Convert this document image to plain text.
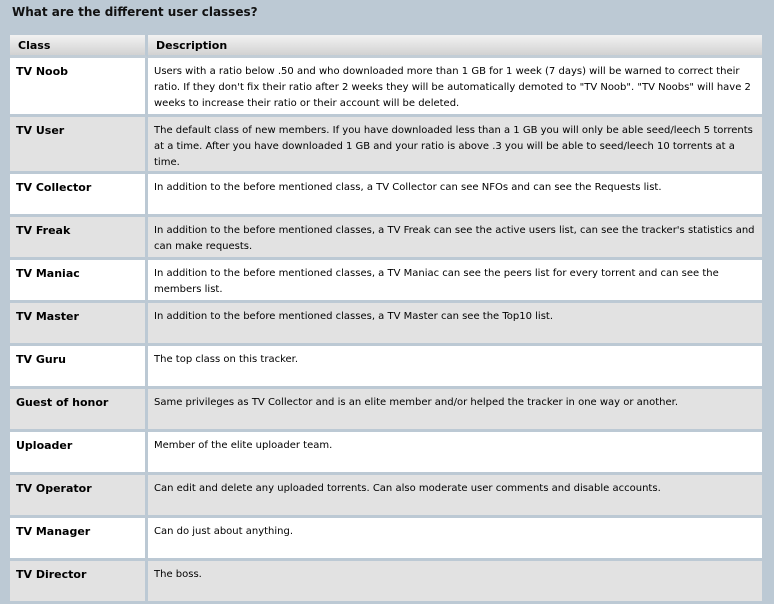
What are the different user classes?
Class	Description
TV Noob	Users with a ratio below .50 and who downloaded more than 1 GB for 1 week (7 days) will be warned to correct their ratio. If they don't fix their ratio after 2 weeks they will be automatically demoted to "TV Noob". "TV Noobs" will have 2 weeks to increase their ratio or their account will be deleted.
TV User	The default class of new members. If you have downloaded less than a 1 GB you will only be able seed/leech 5 torrents at a time. After you have downloaded 1 GB and your ratio is above .3 you will be able to seed/leech 10 torrents at a time.
TV Collector	In addition to the before mentioned class, a TV Collector can see NFOs and can see the Requests list.
TV Freak	In addition to the before mentioned classes, a TV Freak can see the active users list, can see the tracker's statistics and can make requests.
TV Maniac	In addition to the before mentioned classes, a TV Maniac can see the peers list for every torrent and can see the members list.
TV Master	In addition to the before mentioned classes, a TV Master can see the Top10 list.
TV Guru	The top class on this tracker.
Guest of honor	Same privileges as TV Collector and is an elite member and/or helped the tracker in one way or another.
Uploader	Member of the elite uploader team.
TV Operator	Can edit and delete any uploaded torrents. Can also moderate user comments and disable accounts.
TV Manager	Can do just about anything.
TV Director	The boss.
